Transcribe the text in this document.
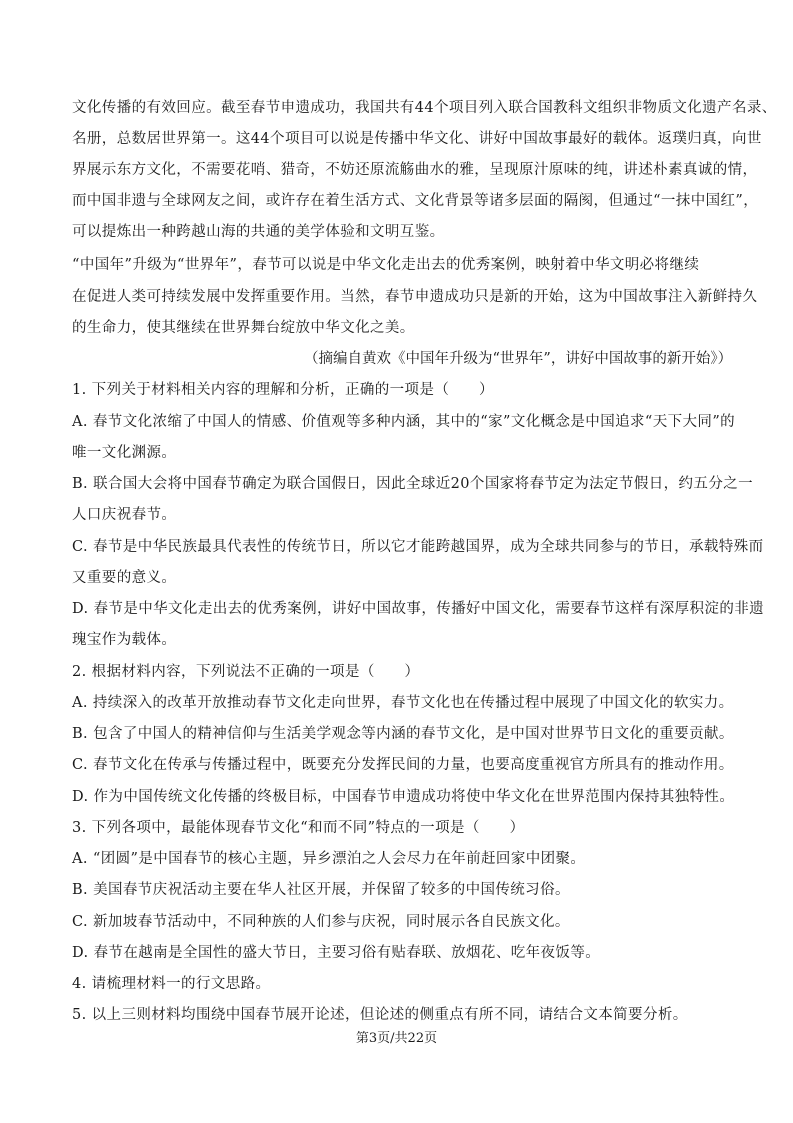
文化传播的有效回应。截至春节申遗成功，我国共有44个项目列入联合国教科文组织非物质文化遗产名录、
名册，总数居世界第一。这44个项目可以说是传播中华文化、讲好中国故事最好的载体。返璞归真，向世
界展示东方文化，不需要花哨、猎奇，不妨还原流觞曲水的雅，呈现原汁原味的纯，讲述朴素真诚的情，
而中国非遗与全球网友之间，或许存在着生活方式、文化背景等诸多层面的隔阂，但通过“一抹中国红”，
可以提炼出一种跨越山海的共通的美学体验和文明互鉴。
“中国年”升级为“世界年”，春节可以说是中华文化走出去的优秀案例，映射着中华文明必将继续
在促进人类可持续发展中发挥重要作用。当然，春节申遗成功只是新的开始，这为中国故事注入新鲜持久
的生命力，使其继续在世界舞台绽放中华文化之美。
（摘编自黄欢《中国年升级为“世界年”，讲好中国故事的新开始》）
1. 下列关于材料相关内容的理解和分析，正确的一项是（　　）
A. 春节文化浓缩了中国人的情感、价值观等多种内涵，其中的“家”文化概念是中国追求“天下大同”的
唯一文化渊源。
B. 联合国大会将中国春节确定为联合国假日，因此全球近20个国家将春节定为法定节假日，约五分之一
人口庆祝春节。
C. 春节是中华民族最具代表性的传统节日，所以它才能跨越国界，成为全球共同参与的节日，承载特殊而
又重要的意义。
D. 春节是中华文化走出去的优秀案例，讲好中国故事，传播好中国文化，需要春节这样有深厚积淀的非遗
瑰宝作为载体。
2. 根据材料内容，下列说法不正确的一项是（　　）
A. 持续深入的改革开放推动春节文化走向世界，春节文化也在传播过程中展现了中国文化的软实力。
B. 包含了中国人的精神信仰与生活美学观念等内涵的春节文化，是中国对世界节日文化的重要贡献。
C. 春节文化在传承与传播过程中，既要充分发挥民间的力量，也要高度重视官方所具有的推动作用。
D. 作为中国传统文化传播的终极目标，中国春节申遗成功将使中华文化在世界范围内保持其独特性。
3. 下列各项中，最能体现春节文化“和而不同”特点的一项是（　　）
A. “团圆”是中国春节的核心主题，异乡漂泊之人会尽力在年前赶回家中团聚。
B. 美国春节庆祝活动主要在华人社区开展，并保留了较多的中国传统习俗。
C. 新加坡春节活动中，不同种族的人们参与庆祝，同时展示各自民族文化。
D. 春节在越南是全国性的盛大节日，主要习俗有贴春联、放烟花、吃年夜饭等。
4. 请梳理材料一的行文思路。
5. 以上三则材料均围绕中国春节展开论述，但论述的侧重点有所不同，请结合文本简要分析。
第3页/共22页
